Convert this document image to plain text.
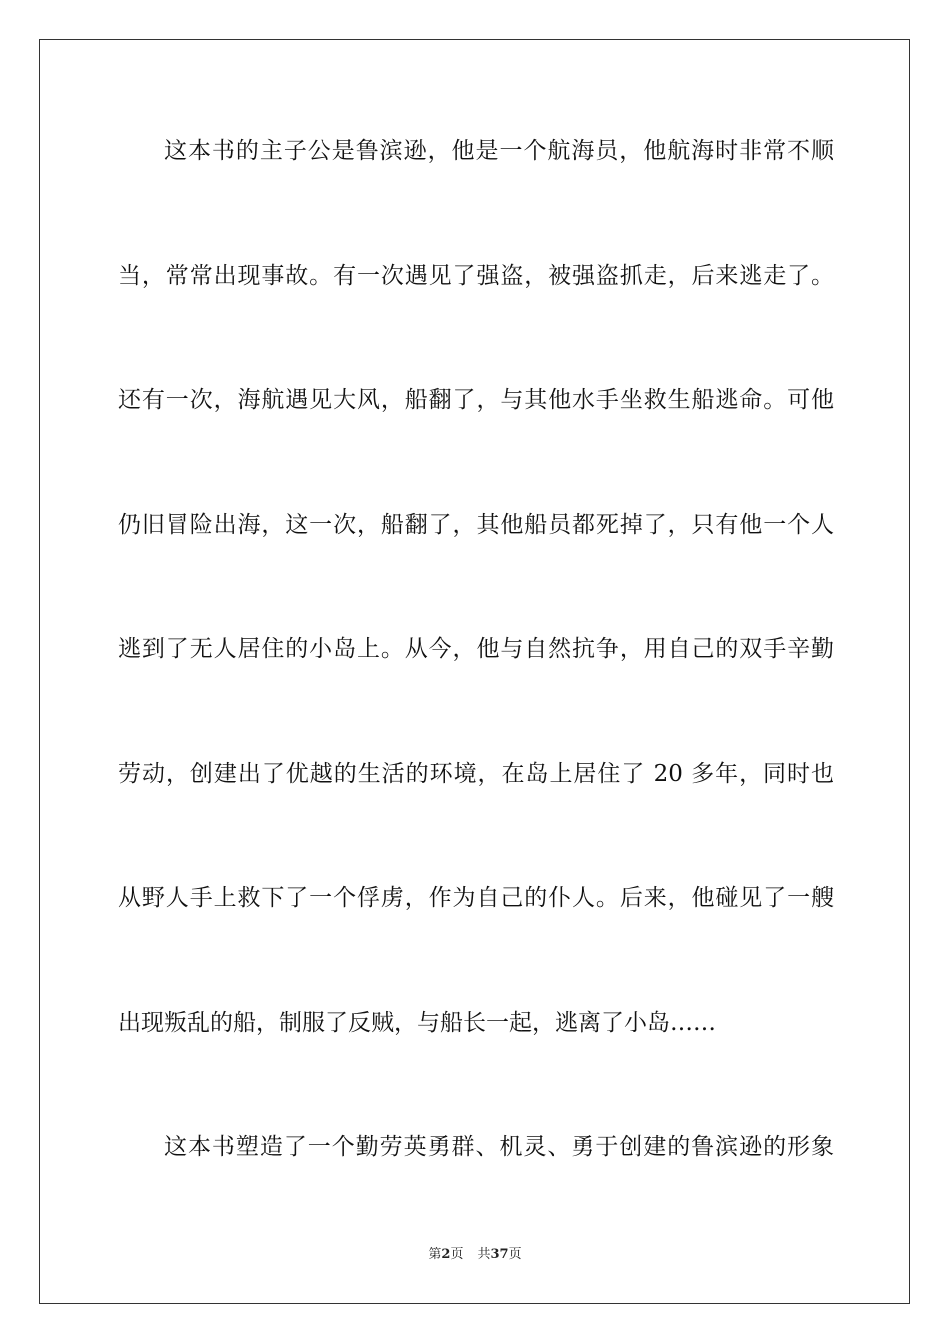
这本书的主子公是鲁滨逊，他是一个航海员，他航海时非常不顺
当，常常出现事故。有一次遇见了强盗，被强盗抓走，后来逃走了。
还有一次，海航遇见大风，船翻了，与其他水手坐救生船逃命。可他
仍旧冒险出海，这一次，船翻了，其他船员都死掉了，只有他一个人
逃到了无人居住的小岛上。从今，他与自然抗争，用自己的双手辛勤
劳动，创建出了优越的生活的环境，在岛上居住了 20 多年，同时也
从野人手上救下了一个俘虏，作为自己的仆人。后来，他碰见了一艘
出现叛乱的船，制服了反贼，与船长一起，逃离了小岛……
这本书塑造了一个勤劳英勇群、机灵、勇于创建的鲁滨逊的形象
第2页 共37页
